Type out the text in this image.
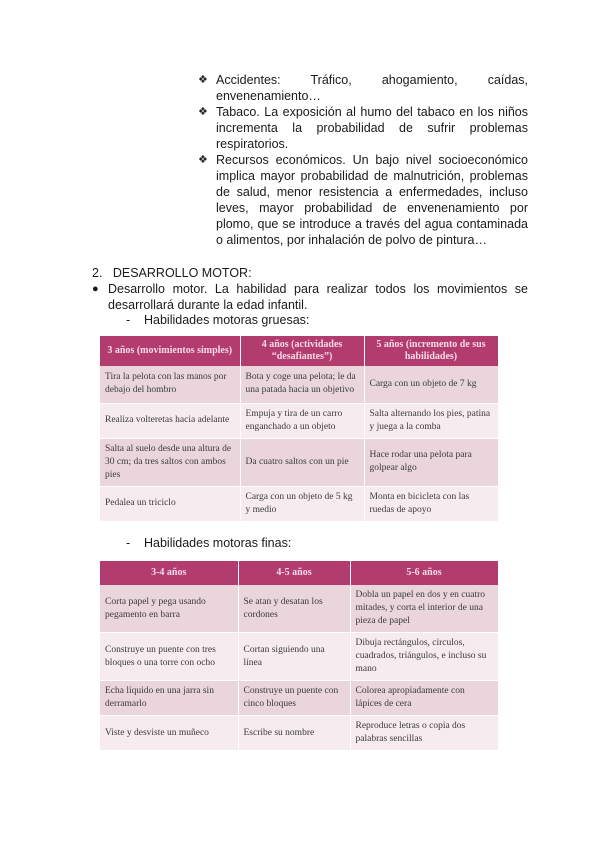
❖ Accidentes: Tráfico, ahogamiento, caídas, envenenamiento…
❖ Tabaco. La exposición al humo del tabaco en los niños incrementa la probabilidad de sufrir problemas respiratorios.
❖ Recursos económicos. Un bajo nivel socioeconómico implica mayor probabilidad de malnutrición, problemas de salud, menor resistencia a enfermedades, incluso leves, mayor probabilidad de envenenamiento por plomo, que se introduce a través del agua contaminada o alimentos, por inhalación de polvo de pintura…
2. DESARROLLO MOTOR:
● Desarrollo motor. La habilidad para realizar todos los movimientos se desarrollará durante la edad infantil.
- Habilidades motoras gruesas:
3 años (movimientos simples)	4 años (actividades “desafiantes”)	5 años (incremento de sus habilidades)
Tira la pelota con las manos por debajo del hombro	Bota y coge una pelota; le da una patada hacia un objetivo	Carga con un objeto de 7 kg
Realiza volteretas hacia adelante	Empuja y tira de un carro enganchado a un objeto	Salta alternando los pies, patina y juega a la comba
Salta al suelo desde una altura de 30 cm; da tres saltos con ambos pies	Da cuatro saltos con un pie	Hace rodar una pelota para golpear algo
Pedalea un triciclo	Carga con un objeto de 5 kg y medio	Monta en bicicleta con las ruedas de apoyo
- Habilidades motoras finas:
3-4 años	4-5 años	5-6 años
Corta papel y pega usando pegamento en barra	Se atan y desatan los cordones	Dobla un papel en dos y en cuatro mitades, y corta el interior de una pieza de papel
Construye un puente con tres bloques o una torre con ocho	Cortan siguiendo una línea	Dibuja rectángulos, círculos, cuadrados, triángulos, e incluso su mano
Echa líquido en una jarra sin derramarlo	Construye un puente con cinco bloques	Colorea apropiadamente con lápices de cera
Viste y desviste un muñeco	Escribe su nombre	Reproduce letras o copia dos palabras sencillas
